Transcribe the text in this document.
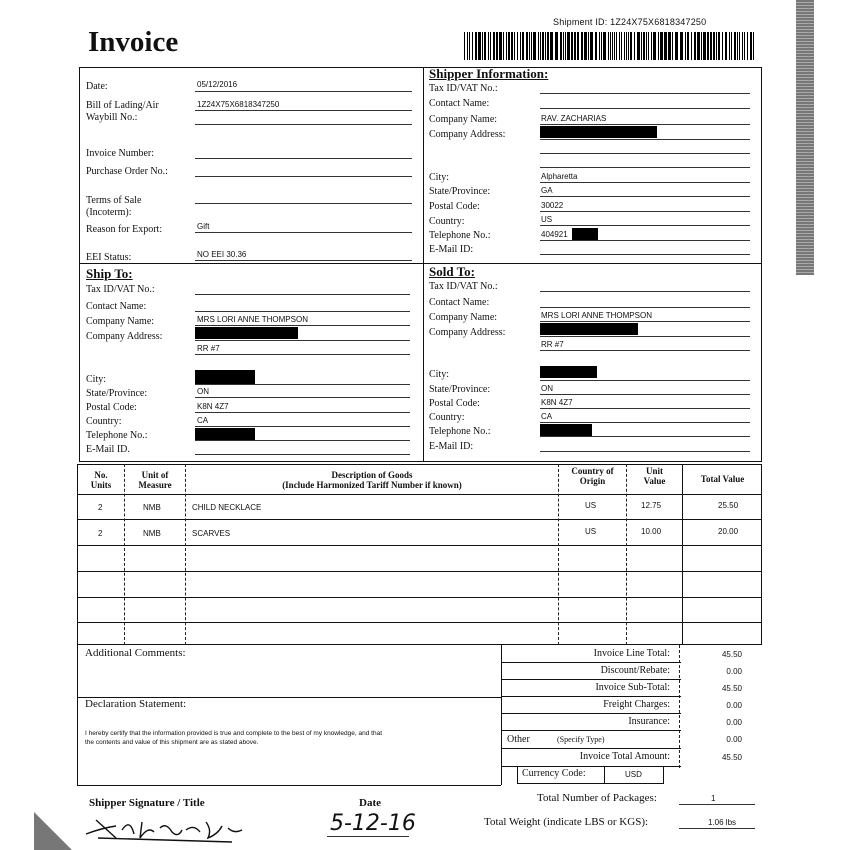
Invoice
Shipment ID: 1Z24X75X6818347250
Date:	05/12/2016
Bill of Lading/Air
Waybill No.:
1Z24X75X6818347250
Invoice Number:
Purchase Order No.:
Terms of Sale
(Incoterm):
Reason for Export:	Gift
EEI Status:	NO EEI 30.36
Shipper Information:
Tax ID/VAT No.:
Contact Name:
Company Name:	RAV. ZACHARIAS
Company Address:
City:	Alpharetta
State/Province:	GA
Postal Code:	30022
Country:	US
Telephone No.:	404921
E-Mail ID:
Ship To:
Tax ID/VAT No.:
Contact Name:
Company Name:	MRS LORI ANNE THOMPSON
Company Address:
RR #7
City:
State/Province:	ON
Postal Code:	K8N 4Z7
Country:	CA
Telephone No.:
E-Mail ID.
Sold To:
Tax ID/VAT No.:
Contact Name:
Company Name:	MRS LORI ANNE THOMPSON
Company Address:
RR #7
City:
State/Province:	ON
Postal Code:	K8N 4Z7
Country:	CA
Telephone No.:
E-Mail ID:
No.
Units
Unit of
Measure
Description of Goods
(Include Harmonized Tariff Number if known)
Country of
Origin
Unit
Value	Total Value
2	NMB	CHILD NECKLACE	US	12.75	25.50
2	NMB	SCARVES	US	10.00	20.00
Additional Comments:
Declaration Statement:
I hereby certify that the information provided is true and complete to the best of my knowledge, and that
the contents and value of this shipment are as stated above.
Invoice Line Total:	45.50
Discount/Rebate:	0.00
Invoice Sub-Total:	45.50
Freight Charges:	0.00
Insurance:	0.00
Other	(Specify Type)	0.00
Invoice Total Amount:	45.50
Currency Code:	USD
Shipper Signature / Title	Date
5-12-16
Total Number of Packages:	1
Total Weight (indicate LBS or KGS):	1.06 lbs
